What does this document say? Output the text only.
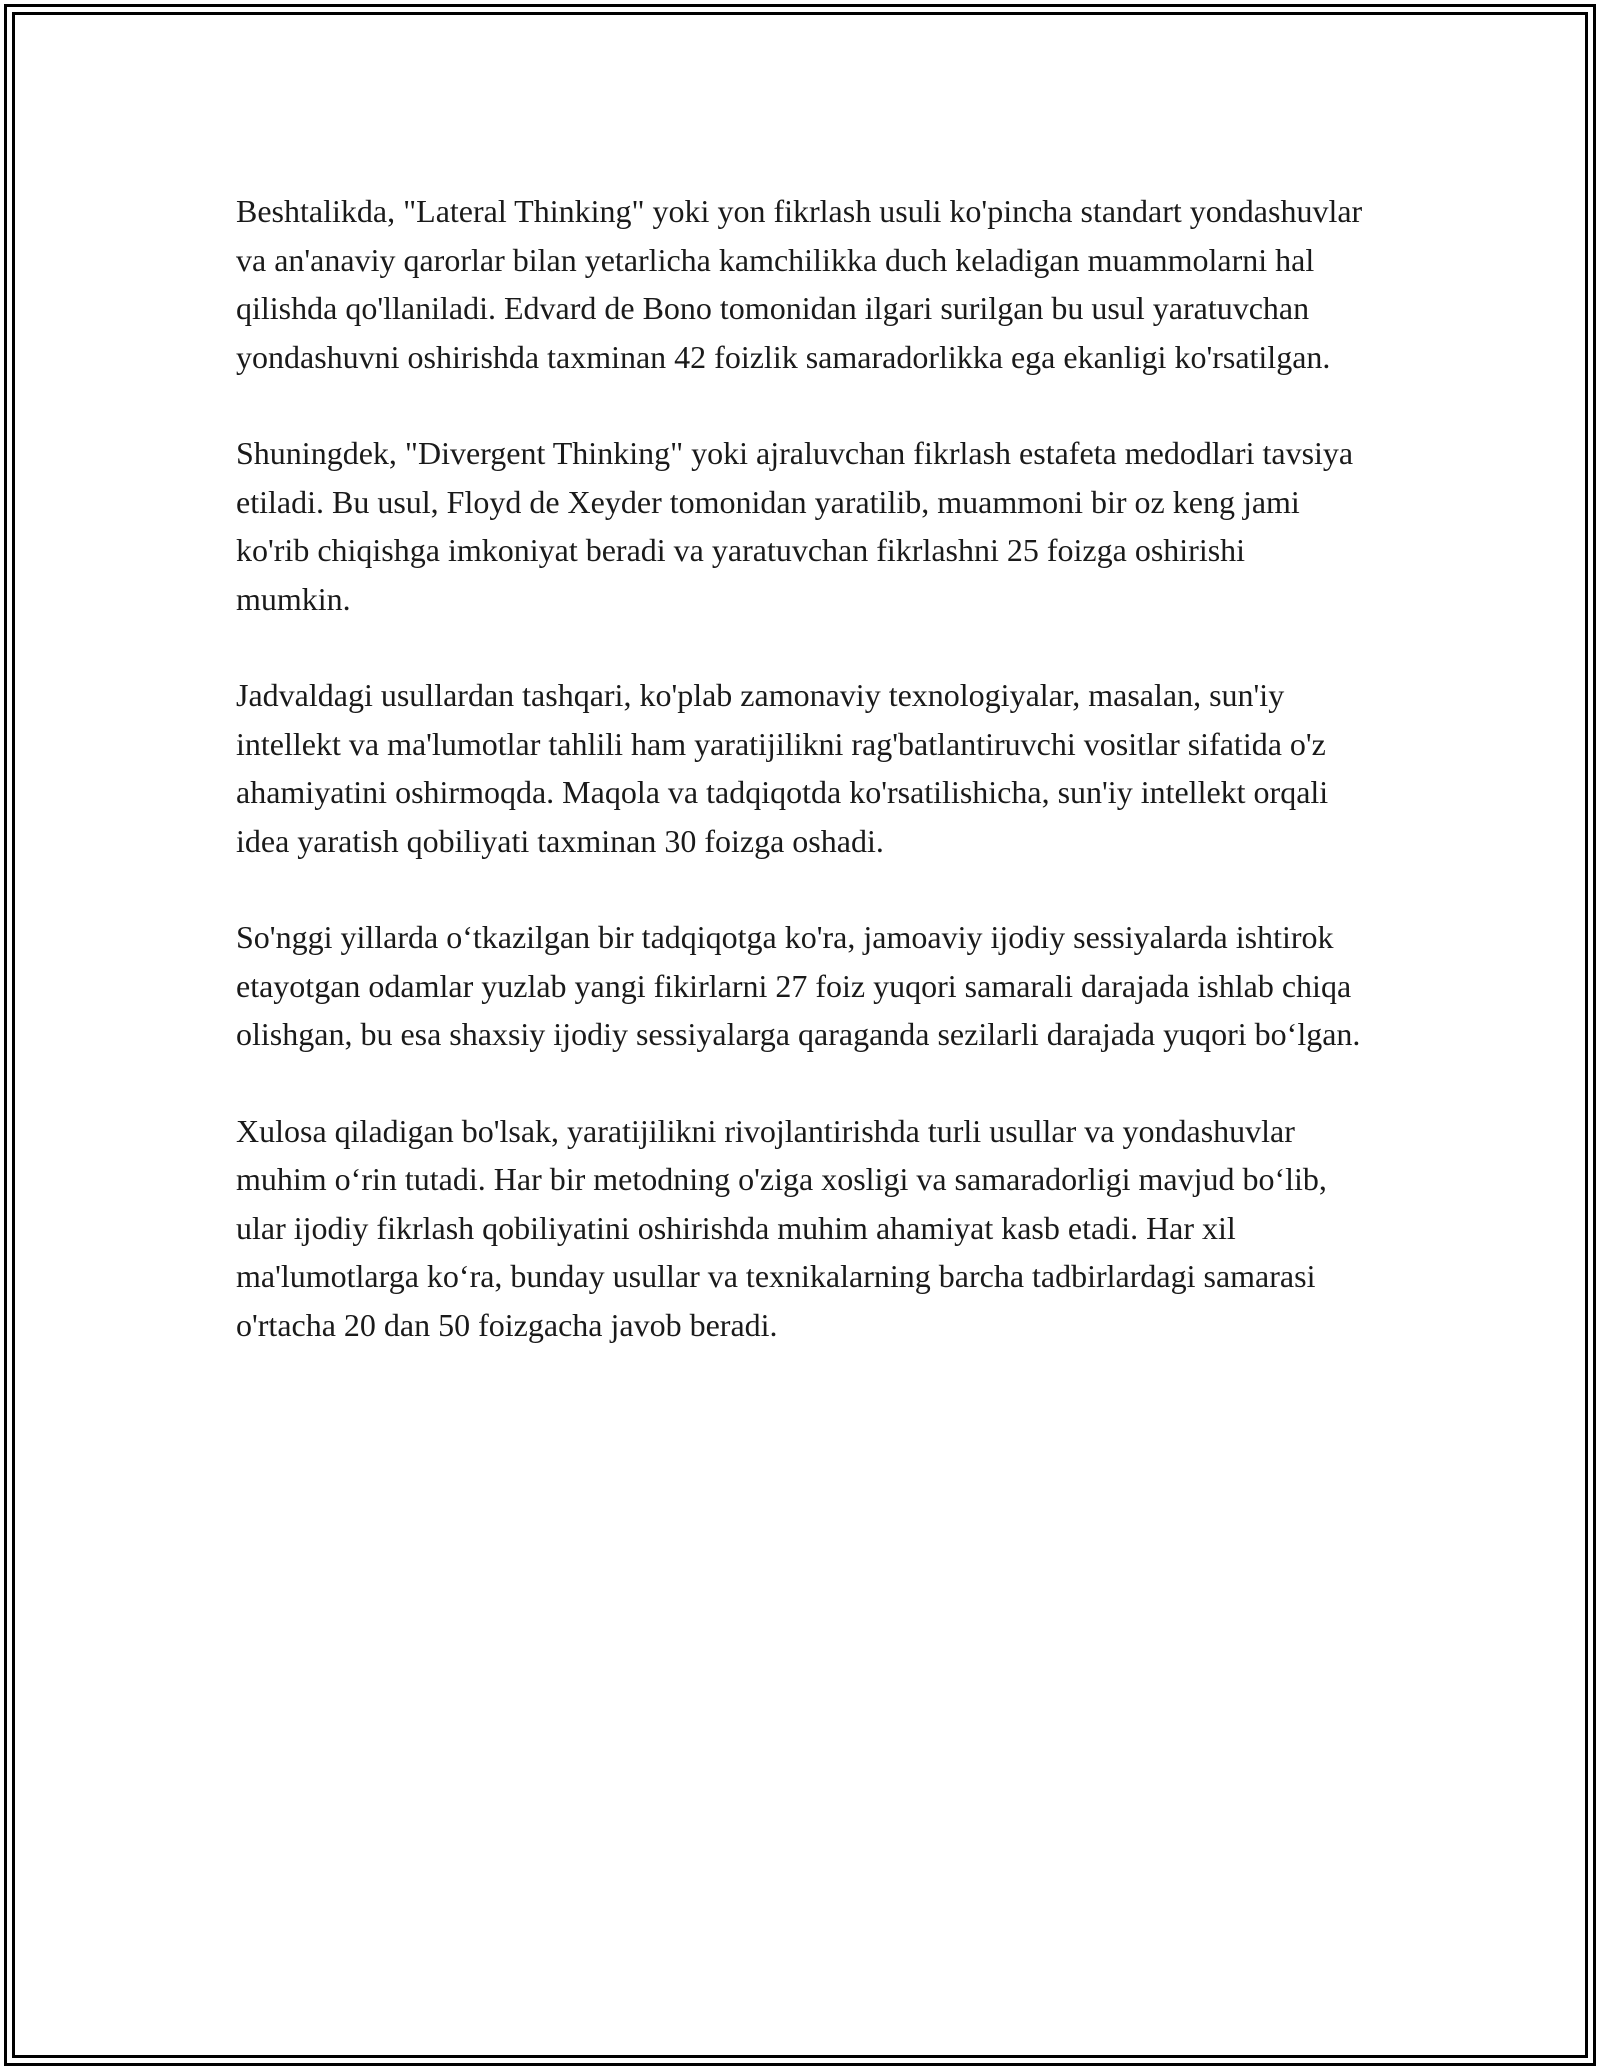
Beshtalikda, "Lateral Thinking" yoki yon fikrlash usuli ko'pincha standart yondashuvlar va an'anaviy qarorlar bilan yetarlicha kamchilikka duch keladigan muammolarni hal qilishda qo'llaniladi. Edvard de Bono tomonidan ilgari surilgan bu usul yaratuvchan yondashuvni oshirishda taxminan 42 foizlik samaradorlikka ega ekanligi ko'rsatilgan.

Shuningdek, "Divergent Thinking" yoki ajraluvchan fikrlash estafeta medodlari tavsiya etiladi. Bu usul, Floyd de Xeyder tomonidan yaratilib, muammoni bir oz keng jami ko'rib chiqishga imkoniyat beradi va yaratuvchan fikrlashni 25 foizga oshirishi mumkin.

Jadvaldagi usullardan tashqari, ko'plab zamonaviy texnologiyalar, masalan, sun'iy intellekt va ma'lumotlar tahlili ham yaratijilikni rag'batlantiruvchi vositlar sifatida o'z ahamiyatini oshirmoqda. Maqola va tadqiqotda ko'rsatilishicha, sun'iy intellekt orqali idea yaratish qobiliyati taxminan 30 foizga oshadi.

So'nggi yillarda o‘tkazilgan bir tadqiqotga ko'ra, jamoaviy ijodiy sessiyalarda ishtirok etayotgan odamlar yuzlab yangi fikirlarni 27 foiz yuqori samarali darajada ishlab chiqa olishgan, bu esa shaxsiy ijodiy sessiyalarga qaraganda sezilarli darajada yuqori bo‘lgan.

Xulosa qiladigan bo'lsak, yaratijilikni rivojlantirishda turli usullar va yondashuvlar muhim o‘rin tutadi. Har bir metodning o'ziga xosligi va samaradorligi mavjud bo‘lib, ular ijodiy fikrlash qobiliyatini oshirishda muhim ahamiyat kasb etadi. Har xil ma'lumotlarga ko‘ra, bunday usullar va texnikalarning barcha tadbirlardagi samarasi o'rtacha 20 dan 50 foizgacha javob beradi.
